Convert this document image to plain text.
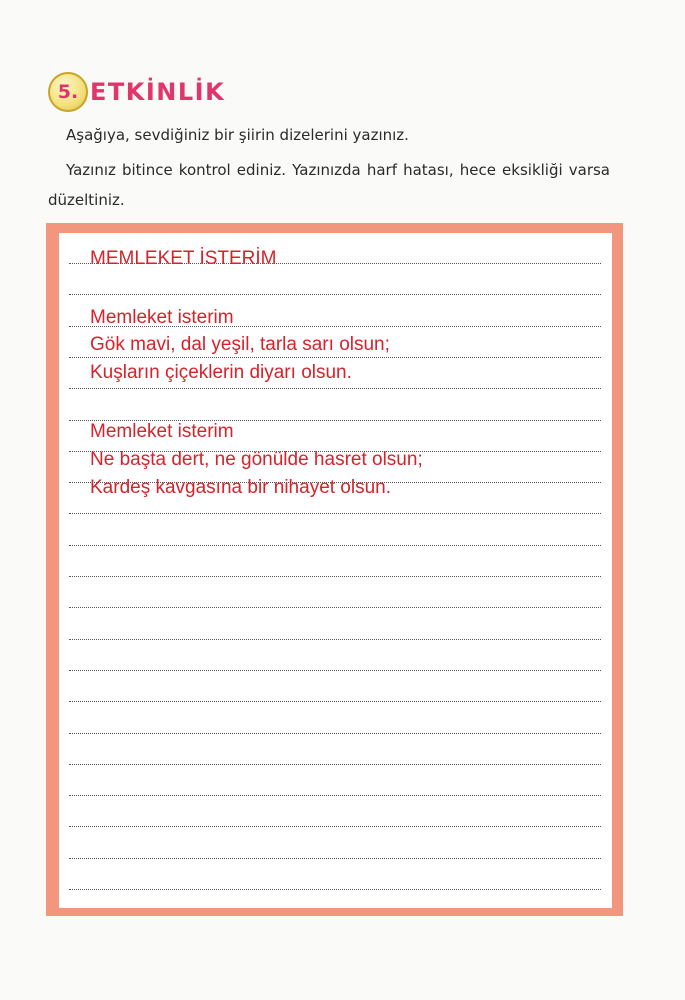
5. ETKİNLİK
Aşağıya, sevdiğiniz bir şiirin dizelerini yazınız.
Yazınız bitince kontrol ediniz. Yazınızda harf hatası, hece eksikliği varsa düzeltiniz.

MEMLEKET İSTERİM

Memleket isterim

Gök mavi, dal yeşil, tarla sarı olsun;

Kuşların çiçeklerin diyarı olsun.

Memleket isterim

Ne başta dert, ne gönülde hasret olsun;

Kardeş kavgasına bir nihayet olsun.
